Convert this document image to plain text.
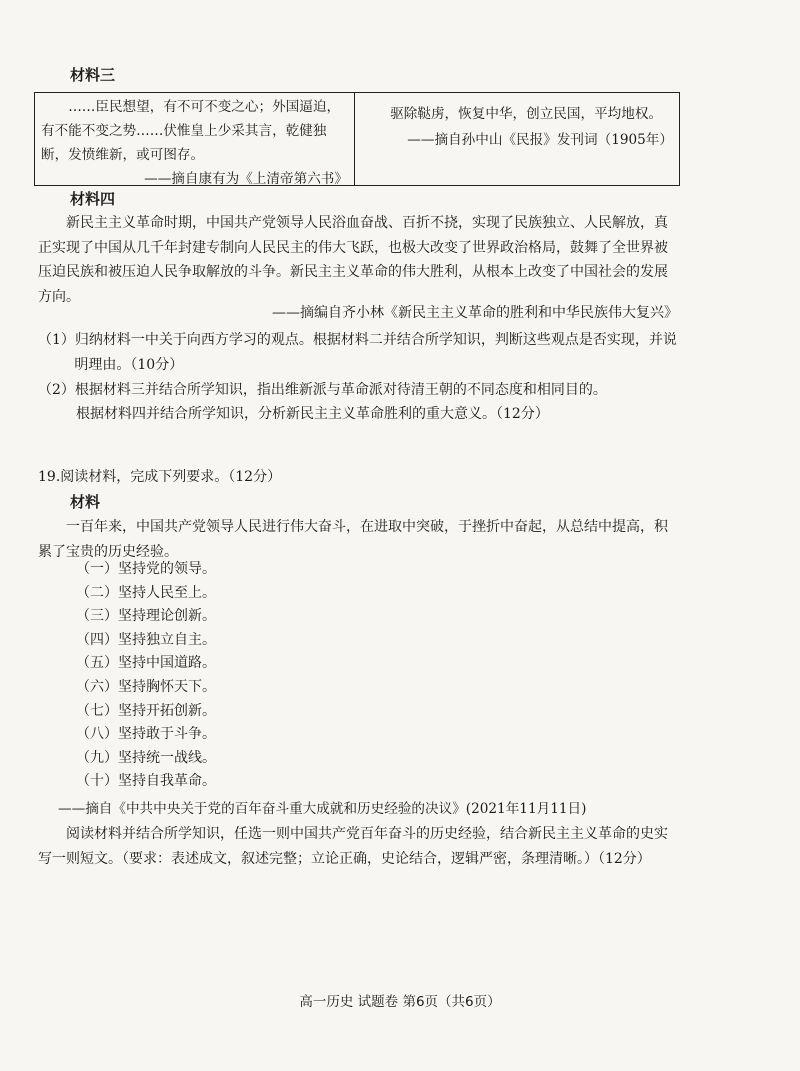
材料三

……臣民想望，有不可不变之心；外国逼迫，有不能不变之势……伏惟皇上少采其言，乾健独断，发愤维新，或可图存。

——摘自康有为《上清帝第六书》

驱除鞑虏，恢复中华，创立民国，平均地权。

——摘自孙中山《民报》发刊词（1905年）

材料四

新民主主义革命时期，中国共产党领导人民浴血奋战、百折不挠，实现了民族独立、人民解放，真正实现了中国从几千年封建专制向人民民主的伟大飞跃，也极大改变了世界政治格局，鼓舞了全世界被压迫民族和被压迫人民争取解放的斗争。新民主主义革命的伟大胜利，从根本上改变了中国社会的发展方向。

——摘编自齐小林《新民主主义革命的胜利和中华民族伟大复兴》

（1）归纳材料一中关于向西方学习的观点。根据材料二并结合所学知识，判断这些观点是否实现，并说明理由。（10分）

（2）根据材料三并结合所学知识，指出维新派与革命派对待清王朝的不同态度和相同目的。

根据材料四并结合所学知识，分析新民主主义革命胜利的重大意义。（12分）

19.阅读材料，完成下列要求。（12分）

材料

一百年来，中国共产党领导人民进行伟大奋斗，在进取中突破，于挫折中奋起，从总结中提高，积累了宝贵的历史经验。

（一）坚持党的领导。

（二）坚持人民至上。

（三）坚持理论创新。

（四）坚持独立自主。

（五）坚持中国道路。

（六）坚持胸怀天下。

（七）坚持开拓创新。

（八）坚持敢于斗争。

（九）坚持统一战线。

（十）坚持自我革命。

——摘自《中共中央关于党的百年奋斗重大成就和历史经验的决议》(2021年11月11日)

阅读材料并结合所学知识，任选一则中国共产党百年奋斗的历史经验，结合新民主主义革命的史实写一则短文。（要求：表述成文，叙述完整；立论正确，史论结合，逻辑严密，条理清晰。）（12分）

高一历史 试题卷 第6页（共6页）
